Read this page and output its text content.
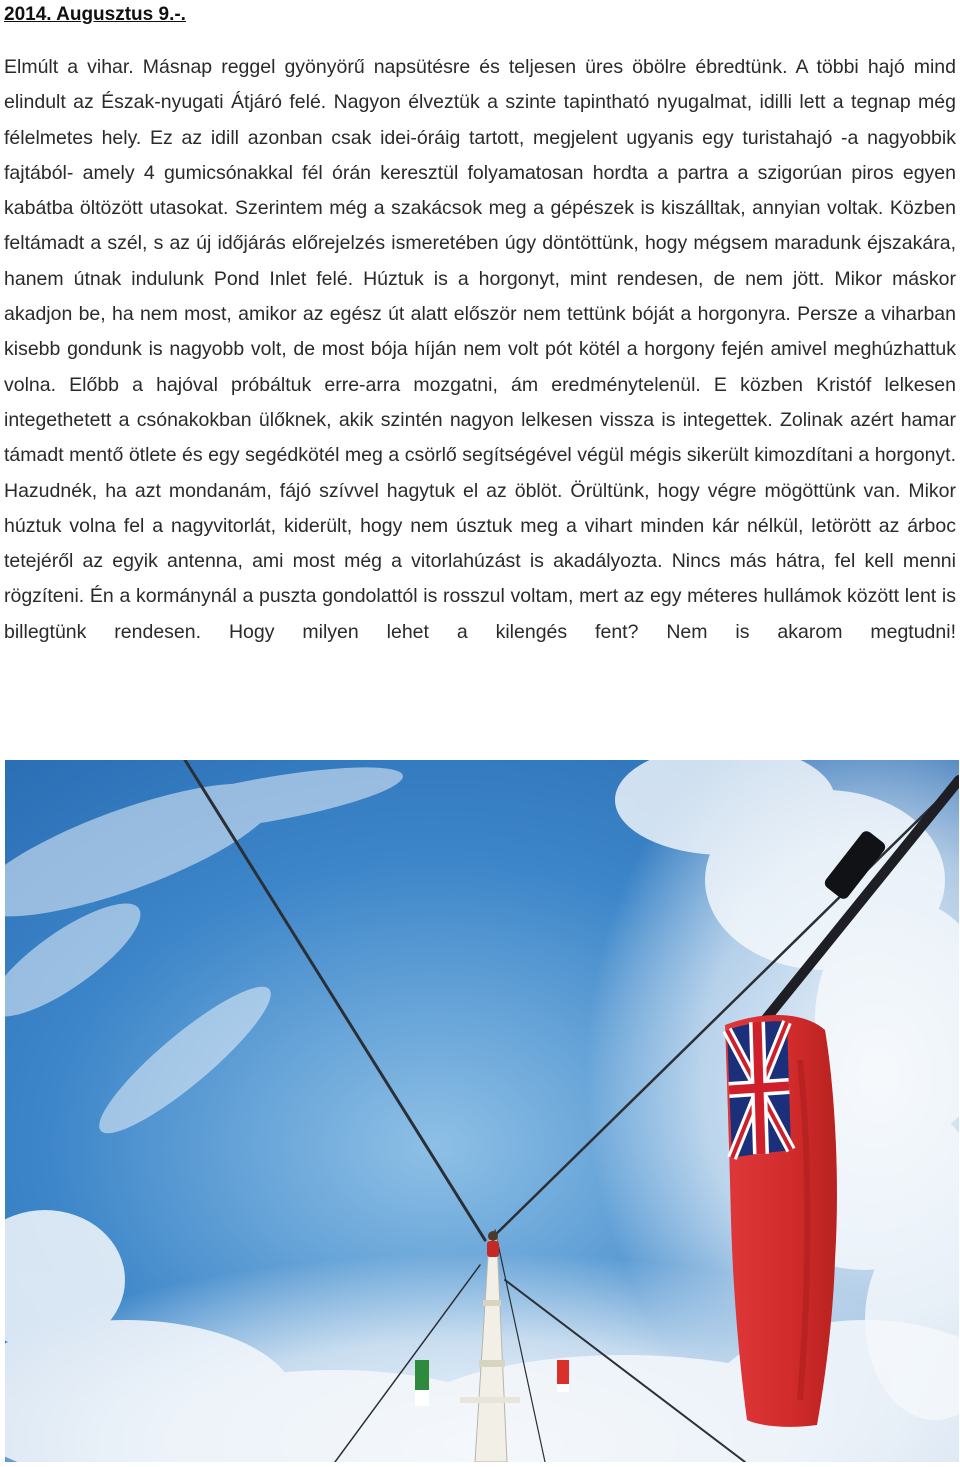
2014. Augusztus 9.-.

Elmúlt a vihar. Másnap reggel gyönyörű napsütésre és teljesen üres öbölre ébredtünk. A többi hajó mind elindult az Észak-nyugati Átjáró felé. Nagyon élveztük a szinte tapintható nyugalmat, idilli lett a tegnap még félelmetes hely. Ez az idill azonban csak idei-óráig tartott, megjelent ugyanis egy turistahajó -a nagyobbik fajtából- amely 4 gumicsónakkal fél órán keresztül folyamatosan hordta a partra a szigorúan piros egyen kabátba öltözött utasokat. Szerintem még a szakácsok meg a gépészek is kiszálltak, annyian voltak. Közben feltámadt a szél, s az új időjárás előrejelzés ismeretében úgy döntöttünk, hogy mégsem maradunk éjszakára, hanem útnak indulunk Pond Inlet felé. Húztuk is a horgonyt, mint rendesen, de nem jött. Mikor máskor akadjon be, ha nem most, amikor az egész út alatt először nem tettünk bóját a horgonyra. Persze a viharban kisebb gondunk is nagyobb volt, de most bója híján nem volt pót kötél a horgony fején amivel meghúzhattuk volna. Előbb a hajóval próbáltuk erre-arra mozgatni, ám eredménytelenül. E közben Kristóf lelkesen integethetett a csónakokban ülőknek, akik szintén nagyon lelkesen vissza is integettek. Zolinak azért hamar támadt mentő ötlete és egy segédkötél meg a csörlő segítségével végül mégis sikerült kimozdítani a horgonyt. Hazudnék, ha azt mondanám, fájó szívvel hagytuk el az öblöt. Örültünk, hogy végre mögöttünk van. Mikor húztuk volna fel a nagyvitorlát, kiderült, hogy nem úsztuk meg a vihart minden kár nélkül, letörött az árboc tetejéről az egyik antenna, ami most még a vitorlahúzást is akadályozta. Nincs más hátra, fel kell menni rögzíteni. Én a kormánynál a puszta gondolattól is rosszul voltam, mert az egy méteres hullámok között lent is billegtünk rendesen. Hogy milyen lehet a kilengés fent? Nem is akarom megtudni!
